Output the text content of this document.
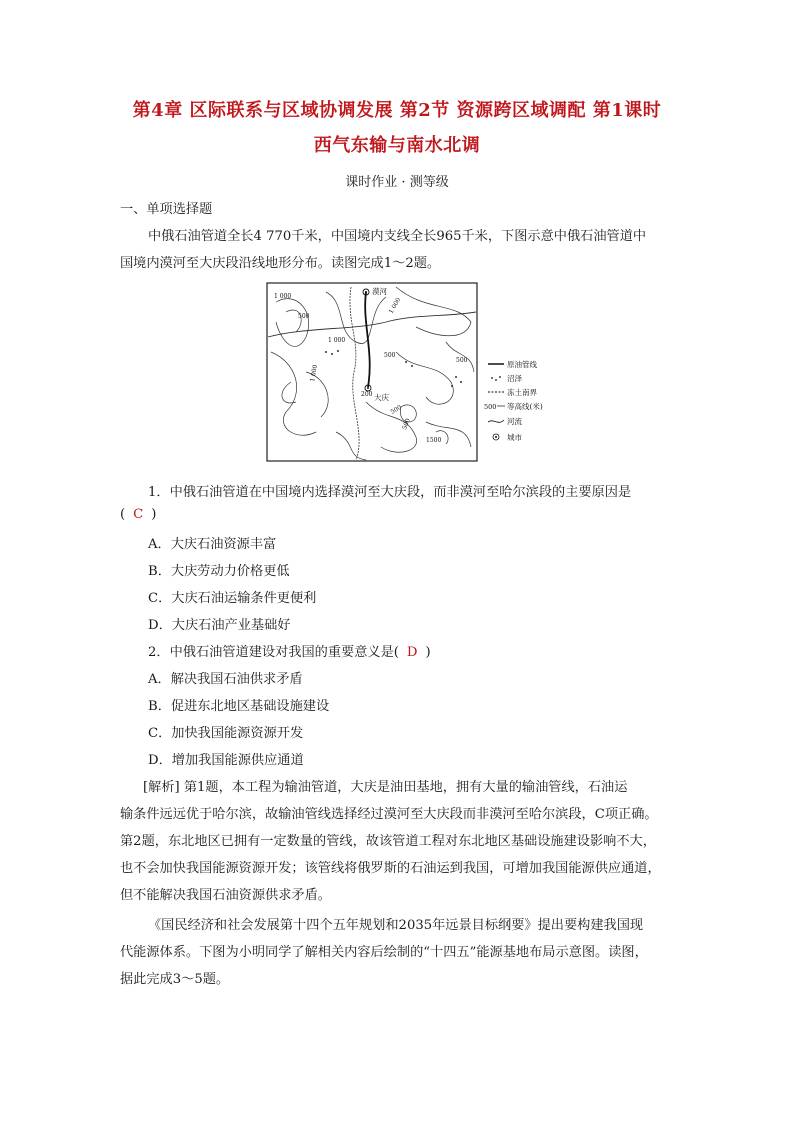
第4章 区际联系与区域协调发展 第2节 资源跨区域调配 第1课时
西气东输与南水北调
课时作业 · 测等级
一、单项选择题
中俄石油管道全长4 770千米，中国境内支线全长965千米，下图示意中俄石油管道中
国境内漠河至大庆段沿线地形分布。读图完成1～2题。
漠河
大庆
1 000
500
1 000
1 000
500
1 000
200
500
500
1500
500	原油管线
沼泽
冻土南界
500 等高线(米)
河流
城市
1．中俄石油管道在中国境内选择漠河至大庆段，而非漠河至哈尔滨段的主要原因是
( C )
A．大庆石油资源丰富
B．大庆劳动力价格更低
C．大庆石油运输条件更便利
D．大庆石油产业基础好
2．中俄石油管道建设对我国的重要意义是( D )
A．解决我国石油供求矛盾
B．促进东北地区基础设施建设
C．加快我国能源资源开发
D．增加我国能源供应通道
[解析] 第1题，本工程为输油管道，大庆是油田基地，拥有大量的输油管线，石油运
输条件远远优于哈尔滨，故输油管线选择经过漠河至大庆段而非漠河至哈尔滨段，C项正确。
第2题，东北地区已拥有一定数量的管线，故该管道工程对东北地区基础设施建设影响不大，
也不会加快我国能源资源开发；该管线将俄罗斯的石油运到我国，可增加我国能源供应通道，
但不能解决我国石油资源供求矛盾。
《国民经济和社会发展第十四个五年规划和2035年远景目标纲要》提出要构建我国现
代能源体系。下图为小明同学了解相关内容后绘制的“十四五”能源基地布局示意图。读图，
据此完成3～5题。
